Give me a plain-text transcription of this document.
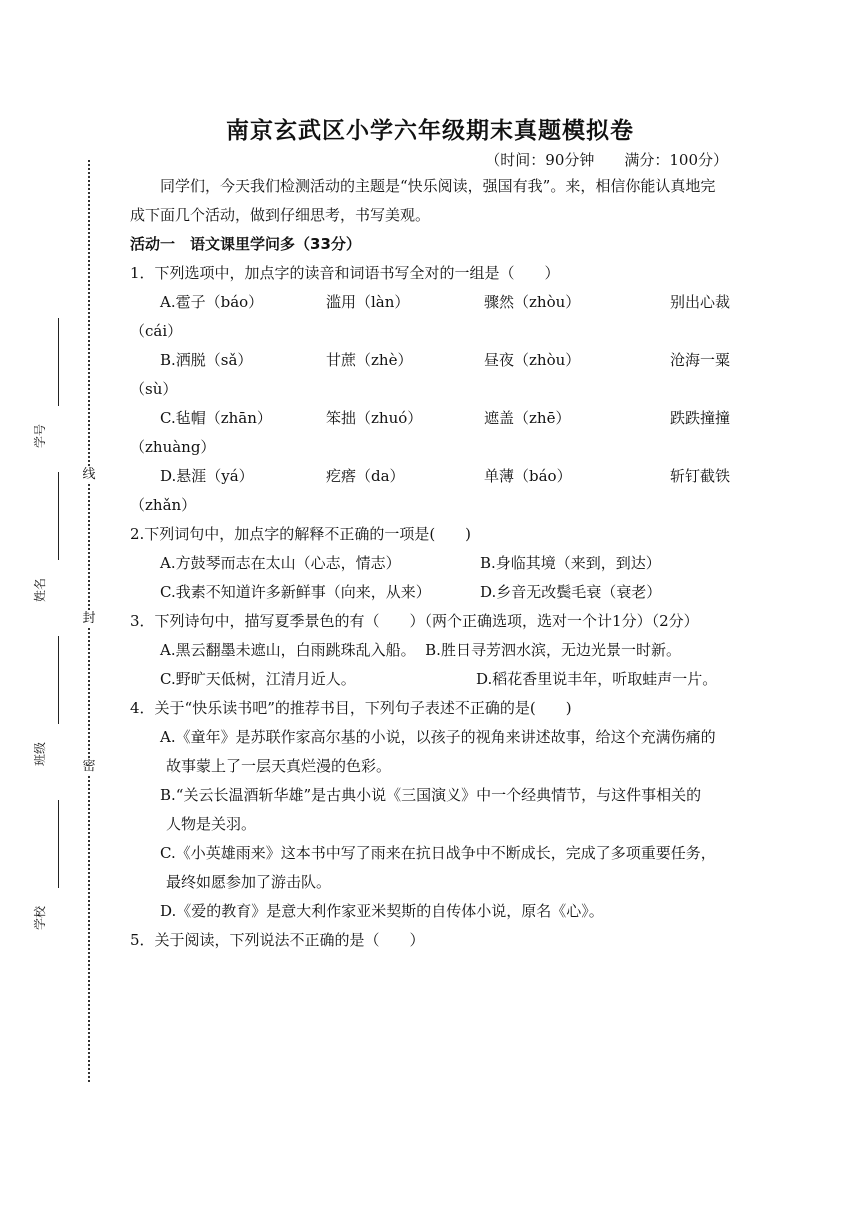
线
封
密
学号
姓名
班级
学校
南京玄武区小学六年级期末真题模拟卷
（时间：90分钟　　满分：100分）

同学们，今天我们检测活动的主题是“快乐阅读，强国有我”。来，相信你能认真地完成下面几个活动，做到仔细思考，书写美观。

活动一　语文课里学问多（33分）

1．下列选项中，加点字的读音和词语书写全对的一组是（　　）

A.雹子（báo）	滥用（làn）	骤然（zhòu）	别出心裁

（cái）

B.洒脱（sǎ）	甘蔗（zhè）	昼夜（zhòu）	沧海一粟

（sù）

C.毡帽（zhān）	笨拙（zhuó）	遮盖（zhē）	跌跌撞撞

（zhuàng）

D.悬涯（yá）	疙瘩（da）	单薄（báo）	斩钉截铁

（zhǎn）

2.下列词句中，加点字的解释不正确的一项是(　　)

A.方鼓琴而志在太山（心志，情志）	B.身临其境（来到，到达）
C.我素不知道许多新鲜事（向来，从来）	D.乡音无改鬓毛衰（衰老）

3．下列诗句中，描写夏季景色的有（　　）（两个正确选项，选对一个计1分）（2分）

A.黑云翻墨未遮山，白雨跳珠乱入船。 B.胜日寻芳泗水滨，无边光景一时新。

C.野旷天低树，江清月近人。	D.稻花香里说丰年，听取蛙声一片。

4．关于“快乐读书吧”的推荐书目，下列句子表述不正确的是(　　)

A.《童年》是苏联作家高尔基的小说，以孩子的视角来讲述故事，给这个充满伤痛的

故事蒙上了一层天真烂漫的色彩。

B.“关云长温酒斩华雄”是古典小说《三国演义》中一个经典情节，与这件事相关的

人物是关羽。

C.《小英雄雨来》这本书中写了雨来在抗日战争中不断成长，完成了多项重要任务，

最终如愿参加了游击队。

D.《爱的教育》是意大利作家亚米契斯的自传体小说，原名《心》。

5．关于阅读，下列说法不正确的是（　　）
